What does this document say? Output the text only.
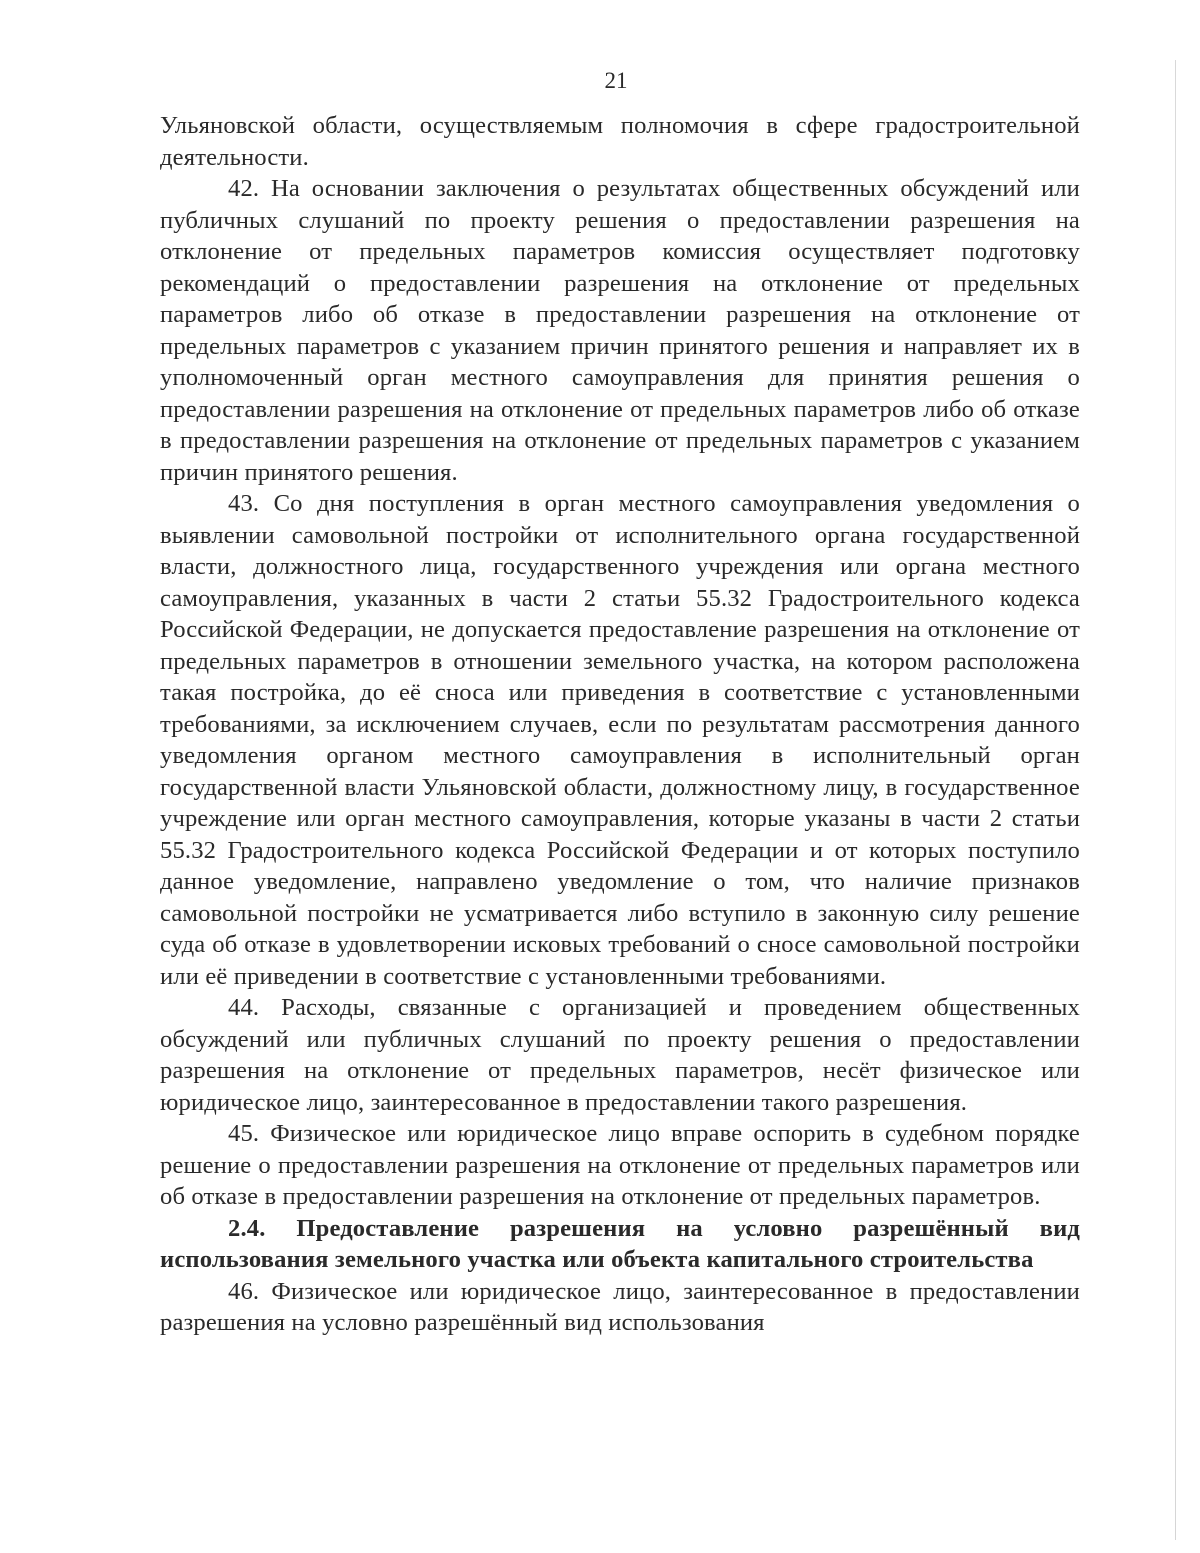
21

Ульяновской области, осуществляемым полномочия в сфере градостроительной деятельности.

42. На основании заключения о результатах общественных обсуждений или публичных слушаний по проекту решения о предоставлении разрешения на отклонение от предельных параметров комиссия осуществляет подготовку рекомендаций о предоставлении разрешения на отклонение от предельных параметров либо об отказе в предоставлении разрешения на отклонение от предельных параметров с указанием причин принятого решения и направляет их в уполномоченный орган местного самоуправления для принятия решения о предоставлении разрешения на отклонение от предельных параметров либо об отказе в предоставлении разрешения на отклонение от предельных параметров с указанием причин принятого решения.

43. Со дня поступления в орган местного самоуправления уведомления о выявлении самовольной постройки от исполнительного органа государственной власти, должностного лица, государственного учреждения или органа местного самоуправления, указанных в части 2 статьи 55.32 Градостроительного кодекса Российской Федерации, не допускается предоставление разрешения на отклонение от предельных параметров в отношении земельного участка, на котором расположена такая постройка, до её сноса или приведения в соответствие с установленными требованиями, за исключением случаев, если по результатам рассмотрения данного уведомления органом местного самоуправления в исполнительный орган государственной власти Ульяновской области, должностному лицу, в государственное учреждение или орган местного самоуправления, которые указаны в части 2 статьи 55.32 Градостроительного кодекса Российской Федерации и от которых поступило данное уведомление, направлено уведомление о том, что наличие признаков самовольной постройки не усматривается либо вступило в законную силу решение суда об отказе в удовлетворении исковых требований о сносе самовольной постройки или её приведении в соответствие с установленными требованиями.

44. Расходы, связанные с организацией и проведением общественных обсуждений или публичных слушаний по проекту решения о предоставлении разрешения на отклонение от предельных параметров, несёт физическое или юридическое лицо, заинтересованное в предоставлении такого разрешения.

45. Физическое или юридическое лицо вправе оспорить в судебном порядке решение о предоставлении разрешения на отклонение от предельных параметров или об отказе в предоставлении разрешения на отклонение от предельных параметров.

2.4. Предоставление разрешения на условно разрешённый вид использования земельного участка или объекта капитального строительства

46. Физическое или юридическое лицо, заинтересованное в предоставлении разрешения на условно разрешённый вид использования
